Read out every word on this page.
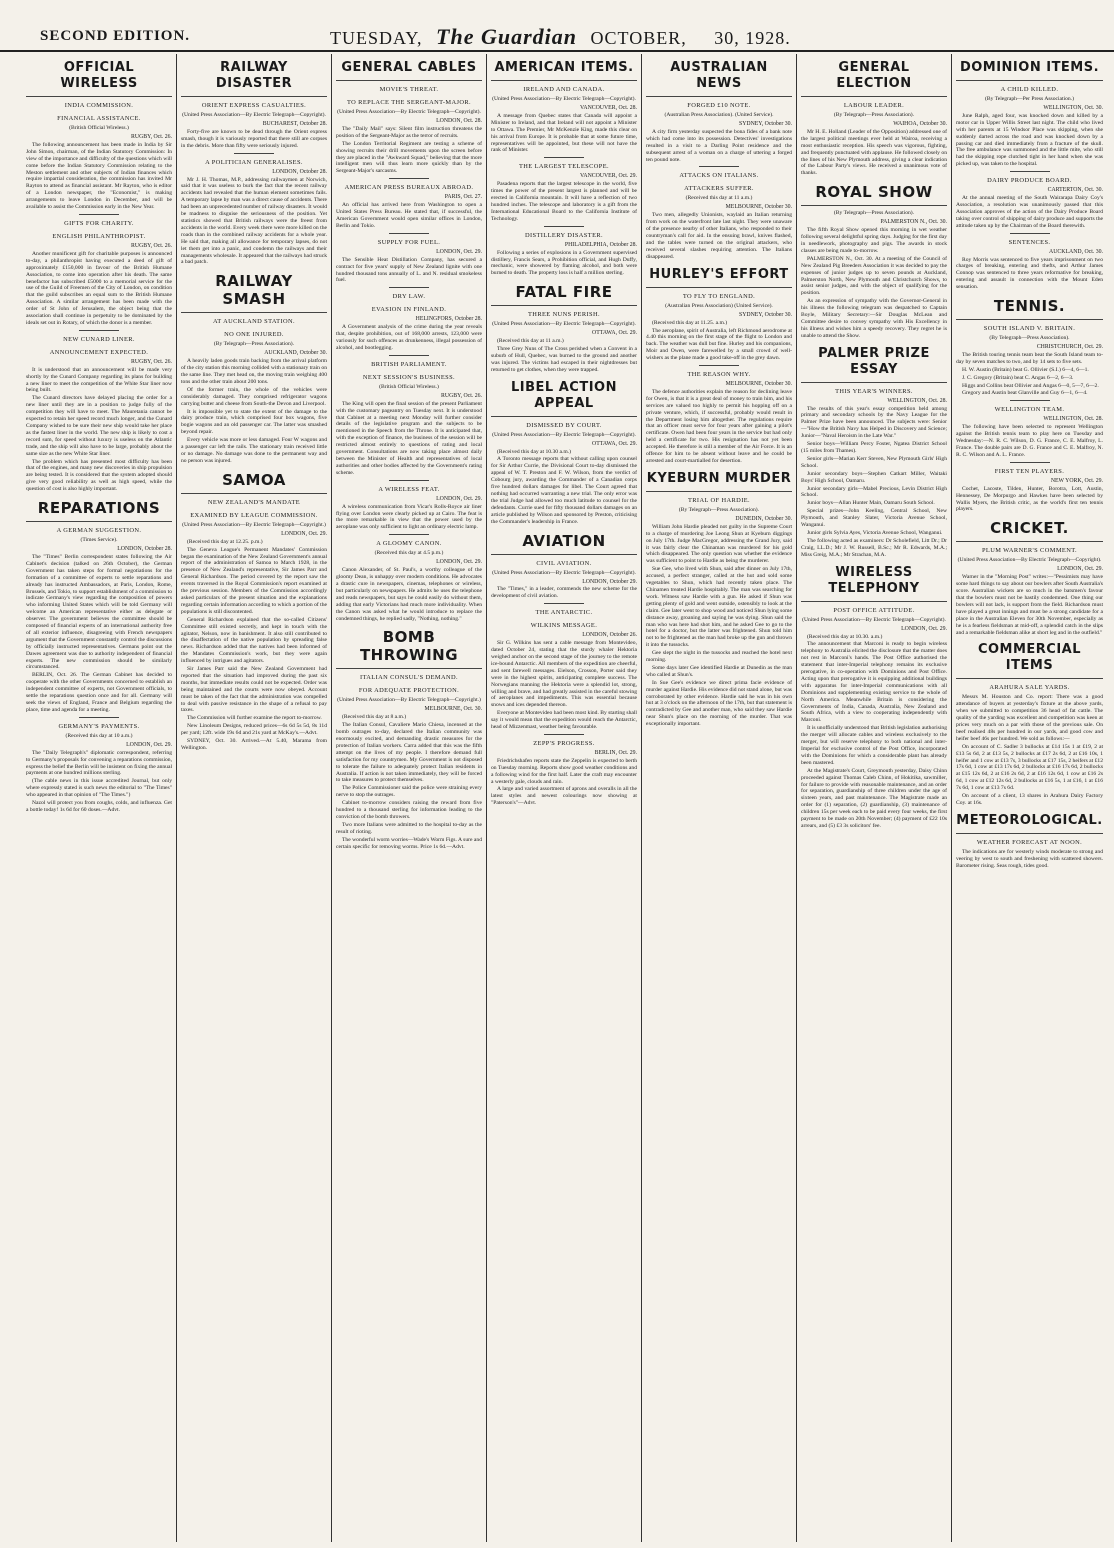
SECOND EDITION.	TUESDAY, The Guardian OCTOBER, 30, 1928.
OFFICIAL WIRELESS
INDIA COMMISSION.
FINANCIAL ASSISTANCE.
(British Official Wireless.)
RUGBY, Oct. 26.
The following announcement has been made in India by Sir John Simon, chairman, of the Indian Statutory Commission: In view of the importance and difficulty of the questions which will come before the Indian Statutory Commission relating to the Meston settlement and other subjects of Indian finances which require impartial consideration, the commission has invited Mr Rayton to attend as financial assistant. Mr Rayton, who is editor of a London newspaper, the "Economist," is making arrangements to leave London in December, and will be available to assist the Commission early in the New Year.
GIFTS FOR CHARITY.
ENGLISH PHILANTHROPIST.
RUGBY, Oct. 26.
Another munificent gift for charitable purposes is announced to-day, a philanthropist having executed a deed of gift of approximately £150,000 in favour of the British Humane Association, to come into operation after his death. The same benefactor has subscribed £5000 to a memorial service for the use of the Guild of Freemen of the City of London, on condition that the guild subscribes an equal sum to the British Humane Association. A similar arrangement has been made with the order of St John of Jerusalem, the object being that the association shall continue in perpetuity to be dominated by the ideals set out in Rotary, of which the donor is a member.
NEW CUNARD LINER.
ANNOUNCEMENT EXPECTED.
RUGBY, Oct. 26.
It is understood that an announcement will be made very shortly by the Cunard Company regarding its plans for building a new liner to meet the competition of the White Star liner now being built.
The Cunard directors have delayed placing the order for a new liner until they are in a position to judge fully of the competition they will have to meet. The Mauretania cannot be expected to retain her speed record much longer, and the Cunard Company wished to be sure their new ship would take her place as the fastest liner in the world. The new ship is likely to cost a record sum, for speed without luxury is useless on the Atlantic trade, and the ship will also have to be large, probably about the same size as the new White Star liner.
The problem which has presented most difficulty has been that of the engines, and many new discoveries in ship propulsion are being tested. It is considered that the system adopted should give very good reliability as well as high speed, while the question of cost is also highly important.
REPARATIONS
A GERMAN SUGGESTION.
(Times Service).
LONDON, October 28.
The "Times" Berlin correspondent states following the Air Cabinet's decision (talked on 26th October), the German Government has taken steps for formal negotiations for the formation of a committee of experts to settle reparations and already has instructed Ambassadors, at Paris, London, Rome, Brussels, and Tokio, to support establishment of a commission to indicate Germany's view regarding the composition of powers who informing United States which will be told Germany will welcome an American representative either as delegate or observer. The government believes the committee should be composed of financial experts of an international authority free of all exterior influence, disagreeing with French newspapers argument that the Government constantly control the discussions by officially instructed representatives. Germans point out the Dawes agreement was due to authority independent of financial experts. The new commission should be similarly circumstanced.
BERLIN, Oct. 26. The German Cabinet has decided to cooperate with the other Governments concerned to establish an independent committee of experts, not Government officials, to settle the reparations question once and for all. Germany will seek the views of England, France and Belgium regarding the place, time and agenda for a meeting.
GERMANY'S PAYMENTS.
(Received this day at 10 a.m.)
LONDON, Oct. 29.
The "Daily Telegraph's" diplomatic correspondent, referring to Germany's proposals for convening a reparations commission, express the belief the Berlin will be insistent on fixing the annual payments at one hundred millions sterling.
(The cable news in this issue accredited Journal, but only where expressly stated is such news the editorial to "The Times" who appeared in that opinion of "The Times.")
Nazol will protect you from coughs, colds, and influenza. Get a bottle today! 1s 6d for 60 doses.—Advt.
RAILWAY DISASTER
ORIENT EXPRESS CASUALTIES.
(United Press Association—By Electric Telegraph—Copyright).
BUCHAREST, October 28.
Forty-five are known to be dead through the Orient express smash, though it is variously reported that there still are corpses in the debris. More than fifty were seriously injured.
A POLITICIAN GENERALISES.
LONDON, October 28.
Mr J. H. Thomas, M.P., addressing railwaymen at Norwich, said that it was useless to burk the fact that the recent railway accidents had revealed that the human element sometimes fails. A temporary lapse by man was a direct cause of accidents. There had been an unprecedented number of railway disasters. It would be madness to disguise the seriousness of the position. Yet statistics showed that British railways were the freest from accidents in the world. Every week there were more killed on the roads than in the combined railway accidents for a whole year. He said that, making all allowance for temporary lapses, do not let them get into a panic, and condemn the railways and their managements wholesale. It appeared that the railways had struck a bad patch.
RAILWAY SMASH
AT AUCKLAND STATION.
NO ONE INJURED.
(By Telegraph—Press Association).
AUCKLAND, October 30.
A heavily laden goods train backing from the arrival platform of the city station this morning collided with a stationary train on the same line. They met head on, the moving train weighing 400 tons and the other train about 200 tons.
Of the former train, the whole of the vehicles were considerably damaged. They comprised refrigerator wagons carrying butter and cheese from South-the Devon and Liverpool.
It is impossible yet to state the extent of the damage to the dairy produce train, which comprised four box wagons, five bogie wagons and an old passenger car. The latter was smashed beyond repair.
Every vehicle was more or less damaged. Four W wagons and a passenger car left the rails. The stationary train received little or no damage. No damage was done to the permanent way and no person was injured.
SAMOA
NEW ZEALAND'S MANDATE
EXAMINED BY LEAGUE COMMISSION.
(United Press Association—By Electric Telegraph—Copyright.)
LONDON, Oct. 29.
(Received this day at 12.25. p.m.)
The Geneva League's Permanent Mandates' Commission began the examination of the New Zealand Government's annual report of the administration of Samoa to March 1928, in the presence of New Zealand's representative, Sir James Parr and General Richardson. The period covered by the report saw the events traversed in the Royal Commission's report examined at the previous session. Members of the Commission accordingly asked particulars of the present situation and the explanations regarding certain information according to which a portion of the populations is still discontented.
General Richardson explained that the so-called Citizens' Committee still existed secretly, and kept in touch with the agitator, Nelson, now in banishment. It also still contributed to the disaffectation of the native population by spreading false news. Richardson added that the natives had been informed of the Mandates Commission's work, but they were again influenced by intrigues and agitators.
Sir James Parr said the New Zealand Government had reported that the situation had improved during the past six months, but immediate results could not be expected. Order was being maintained and the courts were now obeyed. Account must be taken of the fact that the administration was compelled to deal with passive resistance in the shape of a refusal to pay taxes.
The Commission will further examine the report to-morrow.
New Linoleum Designs, reduced prices—6s 6d 5s 5d, 8s 11d per yard; 12ft. wide 19s 6d and 21s yard at McKay's.—Advt.
SYDNEY, Oct. 30. Arrived.—At 5.40, Marama from Wellington.
GENERAL CABLES
MOVIE'S THREAT.
TO REPLACE THE SERGEANT-MAJOR.
(United Press Association—By Electric Telegraph—Copyright).
LONDON, Oct. 28.
The "Daily Mail" says: Silent film instruction threatens the position of the Sergeant-Major as the terror of recruits.
The London Territorial Regiment are testing a scheme of showing recruits their drill movements upon the screen before they are placed in the "Awkward Squad," believing that the more intelligent men will thus learn more quickly than by the Sergeant-Major's sarcasms.
AMERICAN PRESS BUREAUX ABROAD.
PARIS, Oct. 27.
An official has arrived here from Washington to open a United States Press Bureau. He stated that, if successful, the American Government would open similar offices in London, Berlin and Tokio.
SUPPLY FOR FUEL.
LONDON, Oct. 29.
The Sensible Heat Distillation Company, has secured a contract for five years' supply of New Zealand lignite with one hundred thousand tons annually of L. and N. residual smokeless fuel.
DRY LAW.
EVASION IN FINLAND.
HELINGFORS, October 28.
A Government analysis of the crime during the year reveals that, despite prohibition, out of 168,000 arrests, 123,000 were variously for such offences as drunkenness, illegal possession of alcohol, and bootlegging.
BRITISH PARLIAMENT.
NEXT SESSION'S BUSINESS.
(British Official Wireless.)
RUGBY, Oct. 26.
The King will open the final session of the present Parliament with the customary pageantry on Tuesday next. It is understood that Cabinet at a meeting next Monday will further consider details of the legislative program and the subjects to be mentioned in the Speech from the Throne. It is anticipated that, with the exception of finance, the business of the session will be restricted almost entirely to questions of rating and local government. Consultations are now taking place almost daily between the Minister of Health and representatives of local authorities and other bodies affected by the Government's rating scheme.
A WIRELESS FEAT.
LONDON, Oct. 29.
A wireless communication from Vicar's Rolls-Royce air liner flying over London were clearly picked up at Cairo. The feat is the more remarkable in view that the power used by the aeroplane was only sufficient to light an ordinary electric lamp.
A GLOOMY CANON.
(Received this day at 4.5 p.m.)
LONDON, Oct. 29.
Canon Alexander, of St. Paul's, a worthy colleague of the gloomy Dean, is unhappy over modern conditions. He advocates a drastic cure in newspapers, cinemas, telephones or wireless, but particularly on newspapers. He admits he uses the telephone and reads newspapers, but says he could easily do without them, adding that early Victorians had much more individuality. When the Canon was asked what he would introduce to replace the condemned things, he replied sadly, "Nothing, nothing."
BOMB THROWING
ITALIAN CONSUL'S DEMAND.
FOR ADEQUATE PROTECTION.
(United Press Association—By Electric Telegraph—Copyright.)
MELBOURNE, Oct. 30.
(Received this day at 8 a.m.)
The Italian Consul, Cavaliere Mario Chiesa, incensed at the bomb outrages to-day, declared the Italian community was enormously excited, and demanding drastic measures for the protection of Italian workers. Carra added that this was the fifth attempt on the lives of my people. I therefore demand full satisfaction for my countrymen. My Government is not disposed to tolerate the failure to adequately protect Italian residents in Australia. If action is not taken immediately, they will be forced to take measures to protect themselves.
The Police Commissioner said the police were straining every nerve to stop the outrages.
Cabinet to-morrow considers raising the reward from five hundred to a thousand sterling for information leading to the conviction of the bomb throwers.
Two more Italians were admitted to the hospital to-day as the result of rioting.
The wonderful worm worries—Wade's Worm Figs. A sure and certain specific for removing worms. Price 1s 6d.—Advt.
AMERICAN ITEMS.
IRELAND AND CANADA.
(United Press Association—By Electric Telegraph—Copyright).
VANCOUVER, Oct. 28.
A message from Quebec states that Canada will appoint a Minister to Ireland, and that Ireland will not appoint a Minister to Ottawa. The Premier, Mr McKenzie King, made this clear on his arrival from Europe. It is probable that at some future time, representatives will be appointed, but these will not have the rank of Minister.
THE LARGEST TELESCOPE.
VANCOUVER, Oct. 29.
Pasadena reports that the largest telescope in the world, five times the power of the present largest is planned and will be erected in California mountain. It will have a reflection of two hundred inches. The telescope and laboratory is a gift from the International Educational Board to the California Institute of Technology.
DISTILLERY DISASTER.
PHILADELPHIA, October 28.
Following a series of explosions in a Government supervised distillery, Francis Sears, a Prohibition official, and Hugh Duffy, mechanic, were showered by flaming alcohol, and both were burned to death. The property loss is half a million sterling.
FATAL FIRE
THREE NUNS PERISH.
(United Press Association—By Electric Telegraph—Copyright).
OTTAWA, Oct. 29.
(Received this day at 11 a.m.)
Three Grey Nuns of The Cross perished when a Convent in a suburb of Hull, Quebec, was burned to the ground and another was injured. The victims had escaped in their nightdresses but returned to get clothes, when they were trapped.
LIBEL ACTION APPEAL
DISMISSED BY COURT.
(United Press Association—By Electric Telegraph—Copyright).
OTTAWA, Oct. 29.
(Received this day at 10.30 a.m.)
A Toronto message reports that without calling upon counsel for Sir Arthur Currie, the Divisional Court to-day dismissed the appeal of W. T. Preston and F. W. Wilson, from the verdict of Cobourg jury, awarding the Commander of a Canadian corps five hundred dollars damages for libel. The Court agreed that nothing had occurred warranting a new trial. The only error was the trial Judge had allowed too much latitude to counsel for the defendants. Currie sued for fifty thousand dollars damages on an article published by Wilson and sponsored by Preston, criticising the Commander's leadership in France.
AVIATION
CIVIL AVIATION.
(United Press Association—By Electric Telegraph—Copyright).
LONDON, October 29.
The "Times," in a leader, commends the new scheme for the development of civil aviation.
THE ANTARCTIC.
WILKINS MESSAGE.
LONDON, October 26.
Sir G. Wilkins has sent a cable message from Montevideo, dated October 24, stating that the sturdy whaler Hektoria weighed anchor on the second stage of the journey to the remote ice-bound Antarctic. All members of the expedition are cheerful, and sent farewell messages. Eielson, Crosson, Porter said they were in the highest spirits, anticipating complete success. The Norwegians manning the Hektoria were a splendid lot, strong, willing and brave, and had greatly assisted in the careful stowing of aeroplanes and impediments. This was essential because snows and ices depended thereon.
Everyone at Montevideo had been most kind. By starting shall say it would mean that the expedition would reach the Antarctic, head of Mizzenmast, weather being favourable.
ZEPP'S PROGRESS.
BERLIN, Oct. 29.
Friedrichshafen reports state the Zeppelin is expected to berth on Tuesday morning. Reports show good weather conditions and a following wind for the first half. Later the craft may encounter a westerly gale, clouds and rain.
A large and varied assortment of aprons and overalls in all the latest styles and newest colourings now showing at "Paterson's"—Advt.
AUSTRALIAN NEWS
FORGED £10 NOTE.
(Australian Press Association). (United Service).
SYDNEY, October 30.
A city firm yesterday suspected the bona fides of a bank note which had come into its possession. Detectives' investigations resulted in a visit to a Darling Point residence and the subsequent arrest of a woman on a charge of uttering a forged ten pound note.
ATTACKS ON ITALIANS.
ATTACKERS SUFFER.
(Received this day at 11 a.m.)
MELBOURNE, October 30.
Two men, allegedly Unionists, waylaid an Italian returning from work on the waterfront late last night. They were unaware of the presence nearby of other Italians, who responded to their countryman's call for aid. In the ensuing brawl, knives flashed, and the tables were turned on the original attackers, who received several slashes requiring attention. The Italians disappeared.
HURLEY'S EFFORT
TO FLY TO ENGLAND.
(Australian Press Association) (United Service).
SYDNEY, October 30.
(Received this day at 11.25. a.m.)
The aeroplane, spirit of Australia, left Richmond aerodrome at 4.40 this morning on the first stage of the flight to London and back. The weather was dull but fine. Hurley and his companions, Moir and Owen, were farewelled by a small crowd of well-wishers as the plane made a good take-off in the grey dawn.
THE REASON WHY.
MELBOURNE, October 30.
The defence authorities explain the reason for declining leave for Owen, is that it is a great deal of money to train him, and his services are valued too highly to permit his hopping off on a private venture, which, if successful, probably would result in the Department losing him altogether. The regulations require that an officer must serve for four years after gaining a pilot's certificate. Owen had been four years in the service but had only held a certificate for two. His resignation has not yet been accepted. He therefore is still a member of the Air Force. It is an offence for him to be absent without leave and he could be arrested and court-martialled for desertion.
KYEBURN MURDER
TRIAL OF HARDIE.
(By Telegraph—Press Association).
DUNEDIN, October 30.
William John Hardie pleaded not guilty in the Supreme Court to a charge of murdering Joe Leong Shun at Kyeburn diggings on July 17th. Judge MacGregor, addressing the Grand Jury, said it was fairly clear the Chinaman was murdered for his gold which disappeared. The only question was whether the evidence was sufficient to point to Hardie as being the murderer.
Sue Gee, who lived with Shun, said after dinner on July 17th, accused, a perfect stranger, called at the hut and sold some vegetables to Shun, which had recently taken place. The Chinamen treated Hardie hospitably. The man was searching for work. Witness saw Hardie with a gun. He asked if Shun was getting plenty of gold and went outside, ostensibly to look at the claim. Gee later went to shop wood and noticed Shun lying some distance away, groaning and saying he was dying. Shun said the man who was here had shot him, and he asked Gee to go to the hotel for a doctor, but the latter was frightened. Shun told him not to be frightened as the man had broke up the gun and thrown it into the tussocks.
Gee slept the night in the tussocks and reached the hotel next morning.
Some days later Gee identified Hardie at Dunedin as the man who called at Shun's.
In Sue Gee's evidence we direct prima facie evidence of murder against Hardie. His evidence did not stand alone, but was corroborated by other evidence. Hardie said he was in his own hut at 3 o'clock on the afternoon of the 17th, but that statement is contradicted by Gee and another man, who said they saw Hardie near Shun's place on the morning of the murder. That was exceptionally important.
GENERAL ELECTION
LABOUR LEADER.
(By Telegraph—Press Association).
WAIHOA, October 30.
Mr H. E. Holland (Leader of the Opposition) addressed one of the largest political meetings ever held at Wairoa, receiving a most enthusiastic reception. His speech was vigorous, fighting, and frequently punctuated with applause. He followed closely on the lines of his New Plymouth address, giving a clear indication of the Labour Party's views. He received a unanimous vote of thanks.
ROYAL SHOW
(By Telegraph—Press Association).
PALMERSTON N., Oct. 30.
The fifth Royal Show opened this morning in wet weather following several delightful spring days. Judging for the first day in needlework, photography and pigs. The awards in stock classes are being made to-morrow.
PALMERSTON N., Oct. 30. At a meeting of the Council of New Zealand Pig Breeders Association it was decided to pay the expenses of junior judges up to seven pounds at Auckland, Palmerston North, New Plymouth and Christchurch Shows, to assist senior judges, and with the object of qualifying for the position.
As an expression of sympathy with the Governor-General in his illness the following telegram was despatched to Captain Boyle, Military Secretary:—Sir Douglas McLean and Committee desire to convey sympathy with His Excellency in his illness and wishes him a speedy recovery. They regret he is unable to attend the Show.
PALMER PRIZE ESSAY
THIS YEAR'S WINNERS.
WELLINGTON, Oct. 28.
The results of this year's essay competition held among primary and secondary schools by the Navy League for the Palmer Prize have been announced. The subjects were: Senior—"How the British Navy has Helped in Discovery and Science; Junior—"Naval Heroism in the Late War."
Senior boys—William Percy Foster, Ngatea District School (15 miles from Thames).
Senior girls—Marian Kerr Steven, New Plymouth Girls' High School.
Junior secondary boys—Stephen Catkart Miller, Waitaki Boys' High School, Oamaru.
Junior secondary girls—Mabel Precious, Levin District High School.
Junior boys—Allan Hunter Main, Oamaru South School.
Special prizes—John Keeling, Central School, New Plymouth, and Stanley Slater, Victoria Avenue School, Wanganui.
Junior girls Sylvia Ayes, Victoria Avenue School, Wanganui.
The following acted as examiners: Dr Scholefield, Litt Dr.; Dr Craig, LL.D.; Mr J. W. Russell, B.Sc.; Mr R. Edwards, M.A.; Miss Greig, M.A.; Mr Strachan, M.A.
WIRELESS TELEPHONY
POST OFFICE ATTITUDE.
(United Press Association—By Electric Telegraph—Copyright).
LONDON, Oct. 29.
(Received this day at 10.30. a.m.)
The announcement that Marconi is ready to begin wireless telephony to Australia elicited the disclosure that the matter does not rest in Marconi's hands. The Post Office authorised the statement that inter-Imperial telephony remains its exclusive prerogative, in co-operation with Dominions and Post Office. Acting upon that prerogative it is equipping additional buildings with apparatus for inter-Imperial communications with all Dominions and supplementing existing service to the whole of North America. Meanwhile Britain is considering the Governments of India, Canada, Australia, New Zealand and South Africa, with a view to cooperating independently with Marconi.
It is unofficially understood that British legislation authorising the merger will allocate cables and wireless exclusively to the merger, but will reserve telephony to both national and inter-Imperial for exclusive control of the Post Office, incorporated with the Dominions for which a considerable plant has already been mastered.
At the Magistrate's Court, Greymouth yesterday, Daisy Chinn proceeded against Thomas Caleb Chinn, of Hokitika, sawmiller, for failure to provide with reasonable maintenance, and an order for separation, guardianship of three children under the age of sixteen years, and past maintenance. The Magistrate made an order for (1) separation, (2) guardianship, (3) maintenance of children 15s per week each to be paid every four weeks, the first payment to be made on 20th November; (4) payment of £22 10s arrears, and (5) £3 3s solicitors' fee.
DOMINION ITEMS.
A CHILD KILLED.
(By Telegraph—Per Press Association.)
WELLINGTON, Oct. 30.
June Ralph, aged four, was knocked down and killed by a motor car in Upper Willis Street last night. The child who lived with her parents at 15 Windsor Place was skipping, when she suddenly darted across the road and was knocked down by a passing car and died immediately from a fracture of the skull. The free ambulance was summoned and the little mite, who still had the skipping rope clutched tight in her hand when she was picked up, was taken to the hospital.
DAIRY PRODUCE BOARD.
CARTERTON, Oct. 30.
At the annual meeting of the South Wairarapa Dairy Coy's Association, a resolution was unanimously passed that this Association approves of the action of the Dairy Produce Board taking over control of shipping of dairy produce and supports the attitude taken up by the Chairman of the Board therewith.
SENTENCES.
AUCKLAND, Oct. 30.
Roy Morris was sentenced to five years imprisonment on two charges of breaking, entering and thefts, and Arthur James Connop was sentenced to three years reformative for breaking, entering and assault in connection with the Mount Eden sensation.
TENNIS.
SOUTH ISLAND V. BRITAIN.
(By Telegraph—Press Association).
CHRISTCHURCH, Oct. 29.
The British touring tennis team beat the South Island team to-day by seven matches to two, and by 14 sets to five sets.
H. W. Austin (Britain) beat G. Ollivier (S.I.) 6—4, 6—1.
J. C. Gregory (Britain) beat C. Angas 6—2, 6—3.
Higgs and Collins beat Ollivier and Angas 6—0, 5—7, 6—2.
Gregory and Austin beat Glanville and Guy 6—1, 6—4.
WELLINGTON TEAM.
WELLINGTON, Oct. 28.
The following have been selected to represent Wellington against the British tennis team to play here on Tuesday and Wednesday:—N. R. C. Wilson, D. G. France, C. E. Malfroy, L. France. The double pairs are D. G. France and C. E. Malfroy, N. R. C. Wilson and A. L. France.
FIRST TEN PLAYERS.
NEW YORK, Oct. 29.
Cochet, Lacoste, Tilden, Hunter, Borotra, Lott, Austin, Hennessey, De Morpurgo and Hawkes have been selected by Wallis Myers, the British critic, as the world's first ten tennis players.
CRICKET.
PLUM WARNER'S COMMENT.
(United Press Association—By Electric Telegraph—Copyright).
LONDON, Oct. 29.
Warner in the "Morning Post" writes:—"Pessimists may have some hard things to say about our bowlers after South Australia's score. Australian wickets are so much in the batsmen's favour that the bowlers must not be hastily condemned. One thing our bowlers will not lack, is support from the field. Richardson must have played a great innings and must be a strong candidate for a place in the Australian Eleven for 30th November, especially as he is a fearless fieldsman at mid-off, a splendid catch in the slips and a remarkable fieldsman alike at short leg and in the outfield."
COMMERCIAL ITEMS
ARAHURA SALE YARDS.
Messrs M. Houston and Co. report: There was a good attendance of buyers at yesterday's fixture at the above yards, when we submitted to competition 36 head of fat cattle. The quality of the yarding was excellent and competition was keen at prices very much on a par with those of the previous sale. On beef realised 48s per hundred in our yards, and good cow and heifer beef 46s per hundred. We sold as follows:—
On account of C. Sadler 3 bullocks at £14 15s 1 at £19, 2 at £13 5s 6d, 2 at £13 5s, 2 bullocks at £17 2s 6d, 2 at £16 10s, 1 heifer and 1 cow at £13 7s, 3 bullocks at £17 15s, 2 heifers at £12 17s 6d, 1 cow at £13 17s 6d, 2 bullocks at £16 17s 6d, 2 bullocks at £15 12s 6d, 2 at £16 2s 6d, 2 at £16 12s 6d, 1 cow at £16 2s 6d, 1 cow at £12 12s 6d, 2 bullocks at £16 5s, 1 at £16, 1 at £16 7s 6d, 1 cow at £13 7s 6d.
On account of a client, 13 shares in Arahura Dairy Factory Coy. at 16s.
METEOROLOGICAL.
WEATHER FORECAST AT NOON.
The indications are for westerly winds moderate to strong and veering by west to south and freshening with scattered showers. Barometer rising. Seas rough, tides good.
